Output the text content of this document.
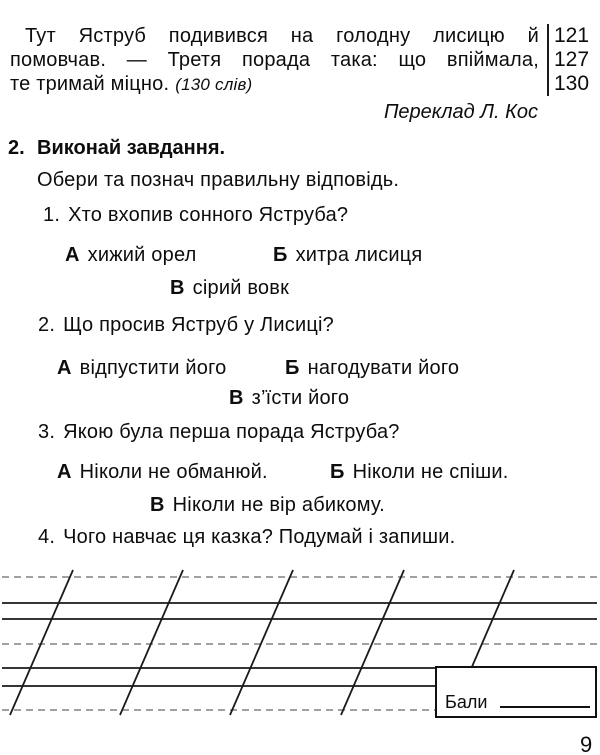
Тут Яструб подивився на голодну лисицю й
помовчав. — Третя порада така: що впіймала,
те тримай міцно. (130 слів)
121
127
130
Переклад Л. Кос
2. Виконай завдання.
Обери та познач правильну відповідь.
1. Хто вхопив сонного Яструба?
А хижий орел	Б хитра лисиця
В сірий вовк
2. Що просив Яструб у Лисиці?
А відпустити його	Б нагодувати його
В з’їсти його
3. Якою була перша порада Яструба?
А Ніколи не обманюй.	Б Ніколи не спіши.
В Ніколи не вір абикому.
4. Чого навчає ця казка? Подумай і запиши.
Бали
9
